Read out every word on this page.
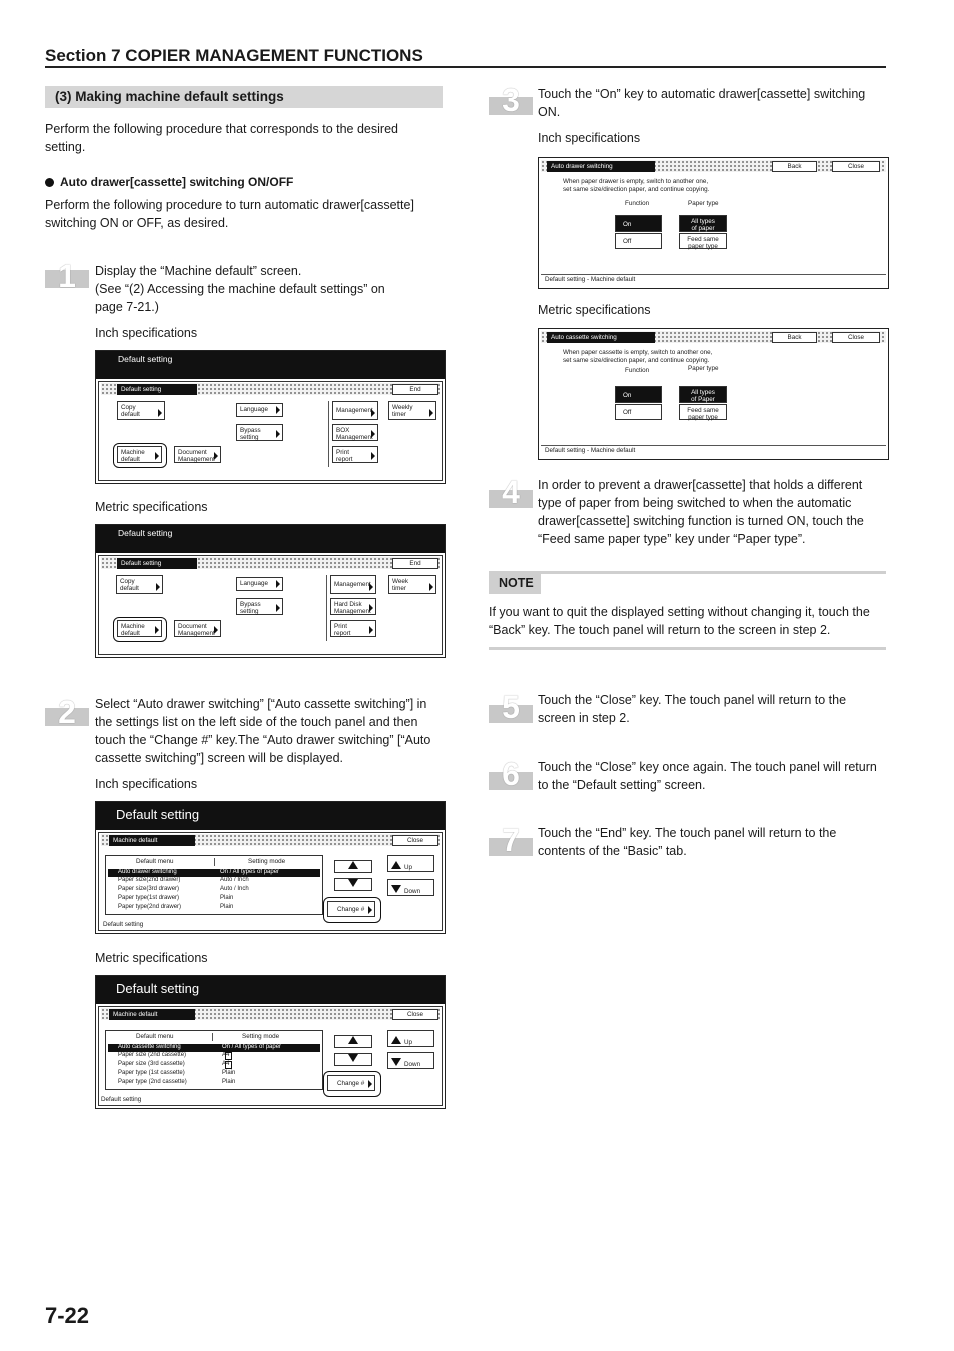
Section 7 COPIER MANAGEMENT FUNCTIONS
(3) Making machine default settings
Perform the following procedure that corresponds to the desired
setting.
Auto drawer[cassette] switching ON/OFF
Perform the following procedure to turn automatic drawer[cassette]
switching ON or OFF, as desired.
1	Display the “Machine default” screen.
(See “(2) Accessing the machine default settings” on
page 7-21.)
Inch specifications
Default setting
Default setting	End
Copy
default
Language	Management	Weekly
timer
Bypass
setting
BOX
Management
Machine
default
Document
Management
Print
report
Metric specifications
Default setting
Default setting	End
Copy
default
Language	Management	Week
timer
Bypass
setting
Hard Disk
Management
Machine
default
Document
Management
Print
report
2	Select “Auto drawer switching” [“Auto cassette switching”] in
the settings list on the left side of the touch panel and then
touch the “Change #” key.The “Auto drawer switching” [“Auto
cassette switching”] screen will be displayed.
Inch specifications
Default setting
Machine default	Close
Default menu	Setting mode
Auto drawer switching	On / All types of paper
Paper size(2nd drawer)	Auto / Inch
Paper size(3rd drawer)	Auto / Inch
Paper type(1st drawer)	Plain
Paper type(2nd drawer)	Plain
Up
Down
Change #
Default setting
Metric specifications
Default setting
Machine default	Close
Default menu	Setting mode
Auto cassette switching	On / All types of paper
Paper size (2nd cassette)	A4
Paper size (3rd cassette)	A4
Paper type (1st cassette)	Plain
Paper type (2nd cassette)	Plain
Up
Down
Change #
Default setting
3	Touch the “On” key to automatic drawer[cassette] switching
ON.
Inch specifications
Auto drawer switching	Back	Close
When paper drawer is empty, switch to another one,
set same size/direction paper, and continue copying.
Function	Paper type
On
Off
All types
of paper
Feed same
paper type
Default setting - Machine default
Metric specifications
Auto cassette switching	Back	Close
When paper cassette is empty, switch to another one,
set same size/direction paper, and continue copying.
Function	Paper type
On
Off
All types
of Paper
Feed same
paper type
Default setting - Machine default
4	In order to prevent a drawer[cassette] that holds a different
type of paper from being switched to when the automatic
drawer[cassette] switching function is turned ON, touch the
“Feed same paper type” key under “Paper type”.
NOTE
If you want to quit the displayed setting without changing it, touch the
“Back” key. The touch panel will return to the screen in step 2.
5	Touch the “Close” key. The touch panel will return to the
screen in step 2.
6	Touch the “Close” key once again. The touch panel will return
to the “Default setting” screen.
7	Touch the “End” key. The touch panel will return to the
contents of the “Basic” tab.
7-22
